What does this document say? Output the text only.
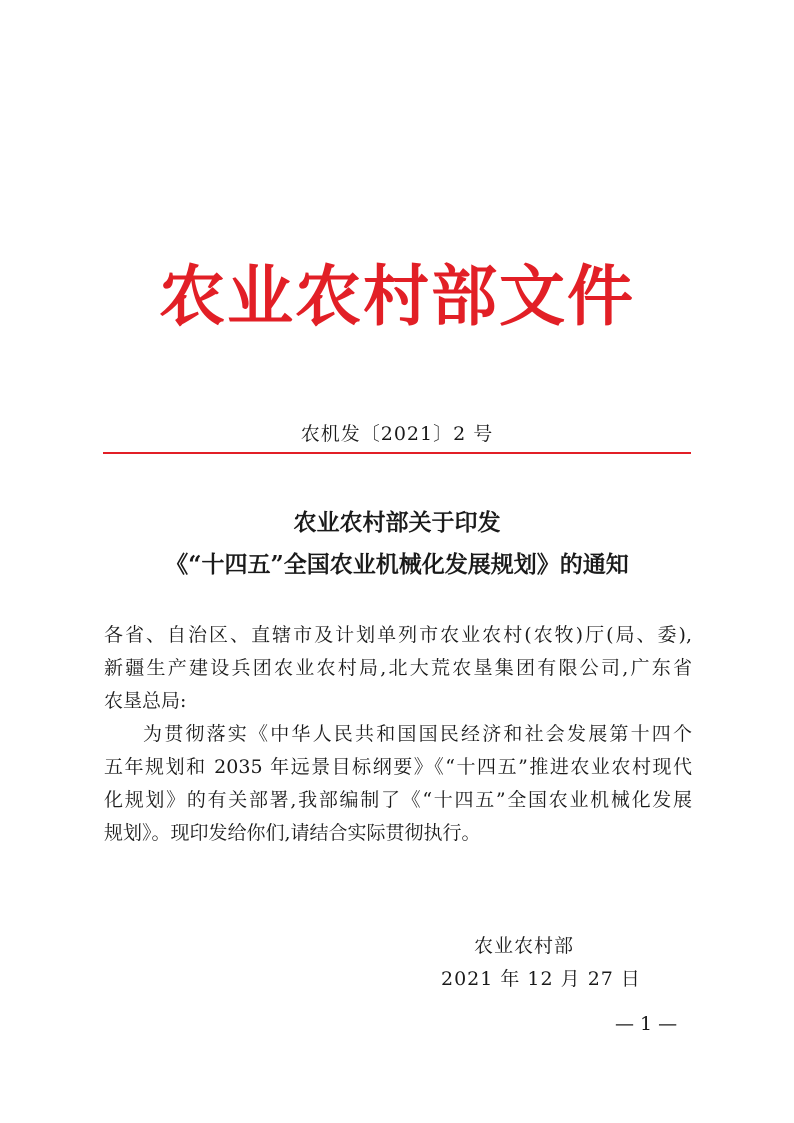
农业农村部文件
农机发〔2021〕2 号
农业农村部关于印发
《“十四五”全国农业机械化发展规划》的通知
各省、自治区、直辖市及计划单列市农业农村(农牧)厅(局、委),
新疆生产建设兵团农业农村局,北大荒农垦集团有限公司,广东省
农垦总局:
为贯彻落实《中华人民共和国国民经济和社会发展第十四个
五年规划和 2035 年远景目标纲要》《“十四五”推进农业农村现代
化规划》的有关部署,我部编制了《“十四五”全国农业机械化发展
规划》。现印发给你们,请结合实际贯彻执行。
农业农村部
2021 年 12 月 27 日
— 1 —
